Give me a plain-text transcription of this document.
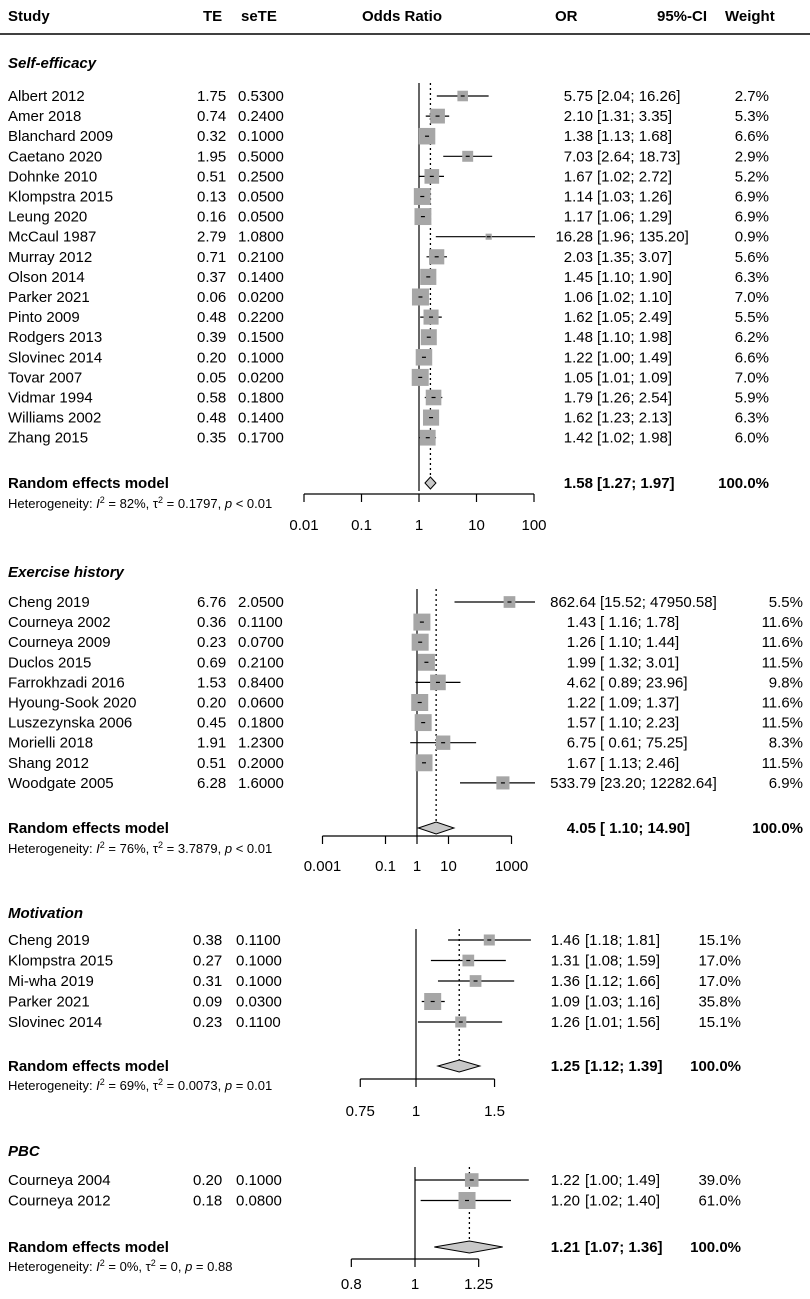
Study	TE seTE	Odds Ratio	OR	95%-CI Weight
Self-efficacy
Albert 2012	1.75 0.5300	5.75 [2.04; 16.26]	2.7%
Amer 2018	0.74 0.2400	2.10 [1.31; 3.35]	5.3%
Blanchard 2009	0.32 0.1000	1.38 [1.13; 1.68]	6.6%
Caetano 2020	1.95 0.5000	7.03 [2.64; 18.73]	2.9%
Dohnke 2010	0.51 0.2500	1.67 [1.02; 2.72]	5.2%
Klompstra 2015	0.13 0.0500	1.14 [1.03; 1.26]	6.9%
Leung 2020	0.16 0.0500	1.17 [1.06; 1.29]	6.9%
McCaul 1987	2.79 1.0800	16.28 [1.96; 135.20]	0.9%
Murray 2012	0.71 0.2100	2.03 [1.35; 3.07]	5.6%
Olson 2014	0.37 0.1400	1.45 [1.10; 1.90]	6.3%
Parker 2021	0.06 0.0200	1.06 [1.02; 1.10]	7.0%
Pinto 2009	0.48 0.2200	1.62 [1.05; 2.49]	5.5%
Rodgers 2013	0.39 0.1500	1.48 [1.10; 1.98]	6.2%
Slovinec 2014	0.20 0.1000	1.22 [1.00; 1.49]	6.6%
Tovar 2007	0.05 0.0200	1.05 [1.01; 1.09]	7.0%
Vidmar 1994	0.58 0.1800	1.79 [1.26; 2.54]	5.9%
Williams 2002	0.48 0.1400	1.62 [1.23; 2.13]	6.3%
Zhang 2015	0.35 0.1700	1.42 [1.02; 1.98]	6.0%
Random effects model	1.58 [1.27; 1.97]	100.0%
Heterogeneity: $I^2 = 82\%$, $\tau^2 = 0.1797$, p < 0.01
0.01 0.1	1	10 100
Exercise history
Cheng 2019	6.76 2.0500	862.64 [15.52; 47950.58]	5.5%
Courneya 2002	0.36 0.1100	1.43 [ 1.16; 1.78]	11.6%
Courneya 2009	0.23 0.0700	1.26 [ 1.10; 1.44]	11.6%
Duclos 2015	0.69 0.2100	1.99 [ 1.32; 3.01]	11.5%
Farrokhzadi 2016	1.53 0.8400	4.62 [ 0.89; 23.96]	9.8%
Hyoung-Sook 2020	0.20 0.0600	1.22 [ 1.09; 1.37]	11.6%
Luszezynska 2006	0.45 0.1800	1.57 [ 1.10; 2.23]	11.5%
Morielli 2018	1.91 1.2300	6.75 [ 0.61; 75.25]	8.3%
Shang 2012	0.51 0.2000	1.67 [ 1.13; 2.46]	11.5%
Woodgate 2005	6.28 1.6000	533.79 [23.20; 12282.64]	6.9%
Random effects model	4.05 [ 1.10; 14.90]	100.0%
Heterogeneity: $I^2 = 76\%$, $\tau^2 = 3.7879$, p < 0.01
0.001 0.1 1 10	1000
Motivation
Cheng 2019	0.38 0.1100	1.46 [1.18; 1.81]	15.1%
Klompstra 2015	0.27 0.1000	1.31 [1.08; 1.59]	17.0%
Mi-wha 2019	0.31 0.1000	1.36 [1.12; 1.66]	17.0%
Parker 2021	0.09 0.0300	1.09 [1.03; 1.16]	35.8%
Slovinec 2014	0.23 0.1100	1.26 [1.01; 1.56]	15.1%
Random effects model	1.25 [1.12; 1.39] 100.0%
Heterogeneity: $I^2 = 69\%$, $\tau^2 = 0.0073$, p = 0.01
0.75 1	1.5
PBC
Courneya 2004	0.20 0.1000	1.22 [1.00; 1.49]	39.0%
Courneya 2012	0.18 0.0800	1.20 [1.02; 1.40]	61.0%
Random effects model	1.21 [1.07; 1.36] 100.0%
Heterogeneity: $I^2 = 0\%$, $\tau^2 = 0$, p = 0.88
0.8	1	1.25
